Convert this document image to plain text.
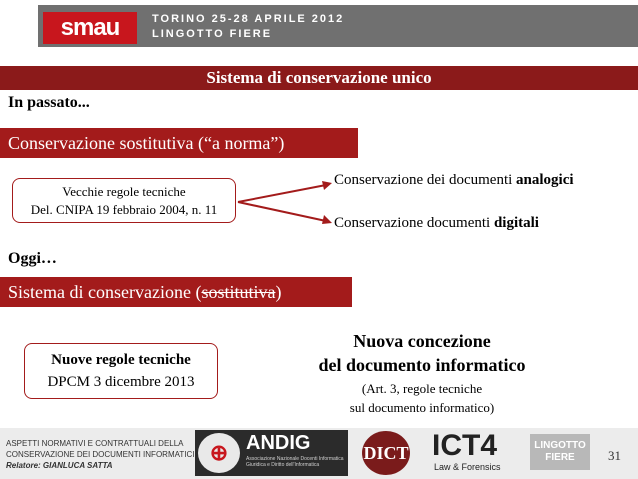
smau	TORINO 25-28 APRILE 2012
LINGOTTO FIERE
Sistema di conservazione unico
In passato...
Conservazione sostitutiva (“a norma”)
Vecchie regole tecniche
Del. CNIPA 19 febbraio 2004, n. 11
Conservazione dei documenti analogici
Conservazione documenti digitali
Oggi…
Sistema di conservazione (sostitutiva)
Nuove regole tecniche
DPCM 3 dicembre 2013
Nuova concezione
del documento informatico
(Art. 3, regole tecniche
sul documento informatico)
ASPETTI NORMATIVI E CONTRATTUALI DELLA
CONSERVAZIONE DEI DOCUMENTI INFORMATICI
Relatore: GIANLUCA SATTA
⊕ ANDIG
Associazione Nazionale Docenti Informatica Giuridica e Diritto dell'Informatica
DICT ICT4
Law & Forensics
LINGOTTO FIERE	31
